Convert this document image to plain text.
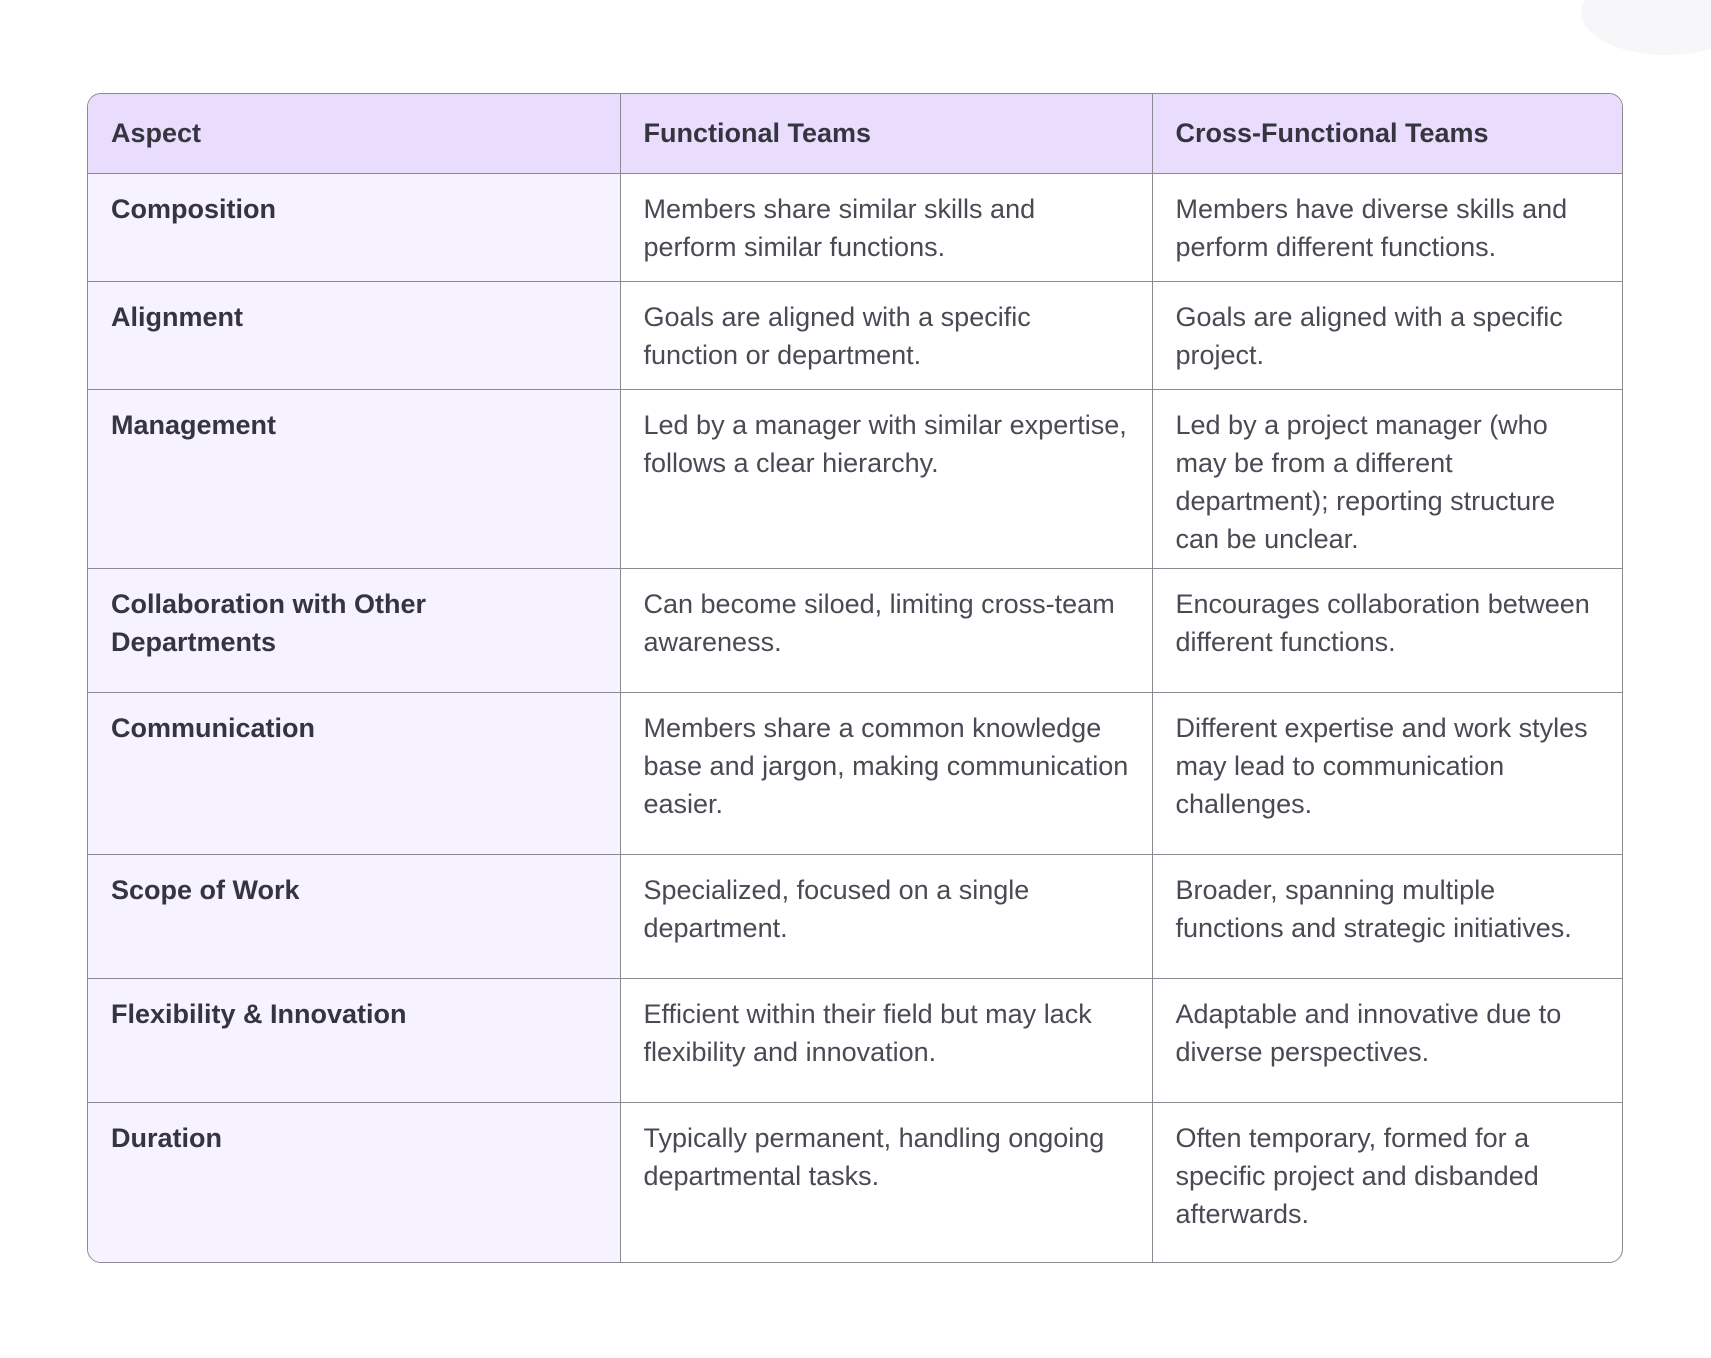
Aspect	Functional Teams	Cross-Functional Teams
Composition	Members share similar skills and perform similar functions.	Members have diverse skills and perform different functions.
Alignment	Goals are aligned with a specific function or department.	Goals are aligned with a specific project.
Management	Led by a manager with similar expertise, follows a clear hierarchy.	Led by a project manager (who may be from a different department); reporting structure can be unclear.
Collaboration with Other Departments	Can become siloed, limiting cross-team awareness.	Encourages collaboration between different functions.
Communication	Members share a common knowledge base and jargon, making communication easier.	Different expertise and work styles may lead to communication challenges.
Scope of Work	Specialized, focused on a single department.	Broader, spanning multiple functions and strategic initiatives.
Flexibility & Innovation	Efficient within their field but may lack flexibility and innovation.	Adaptable and innovative due to diverse perspectives.
Duration	Typically permanent, handling ongoing departmental tasks.	Often temporary, formed for a specific project and disbanded afterwards.
